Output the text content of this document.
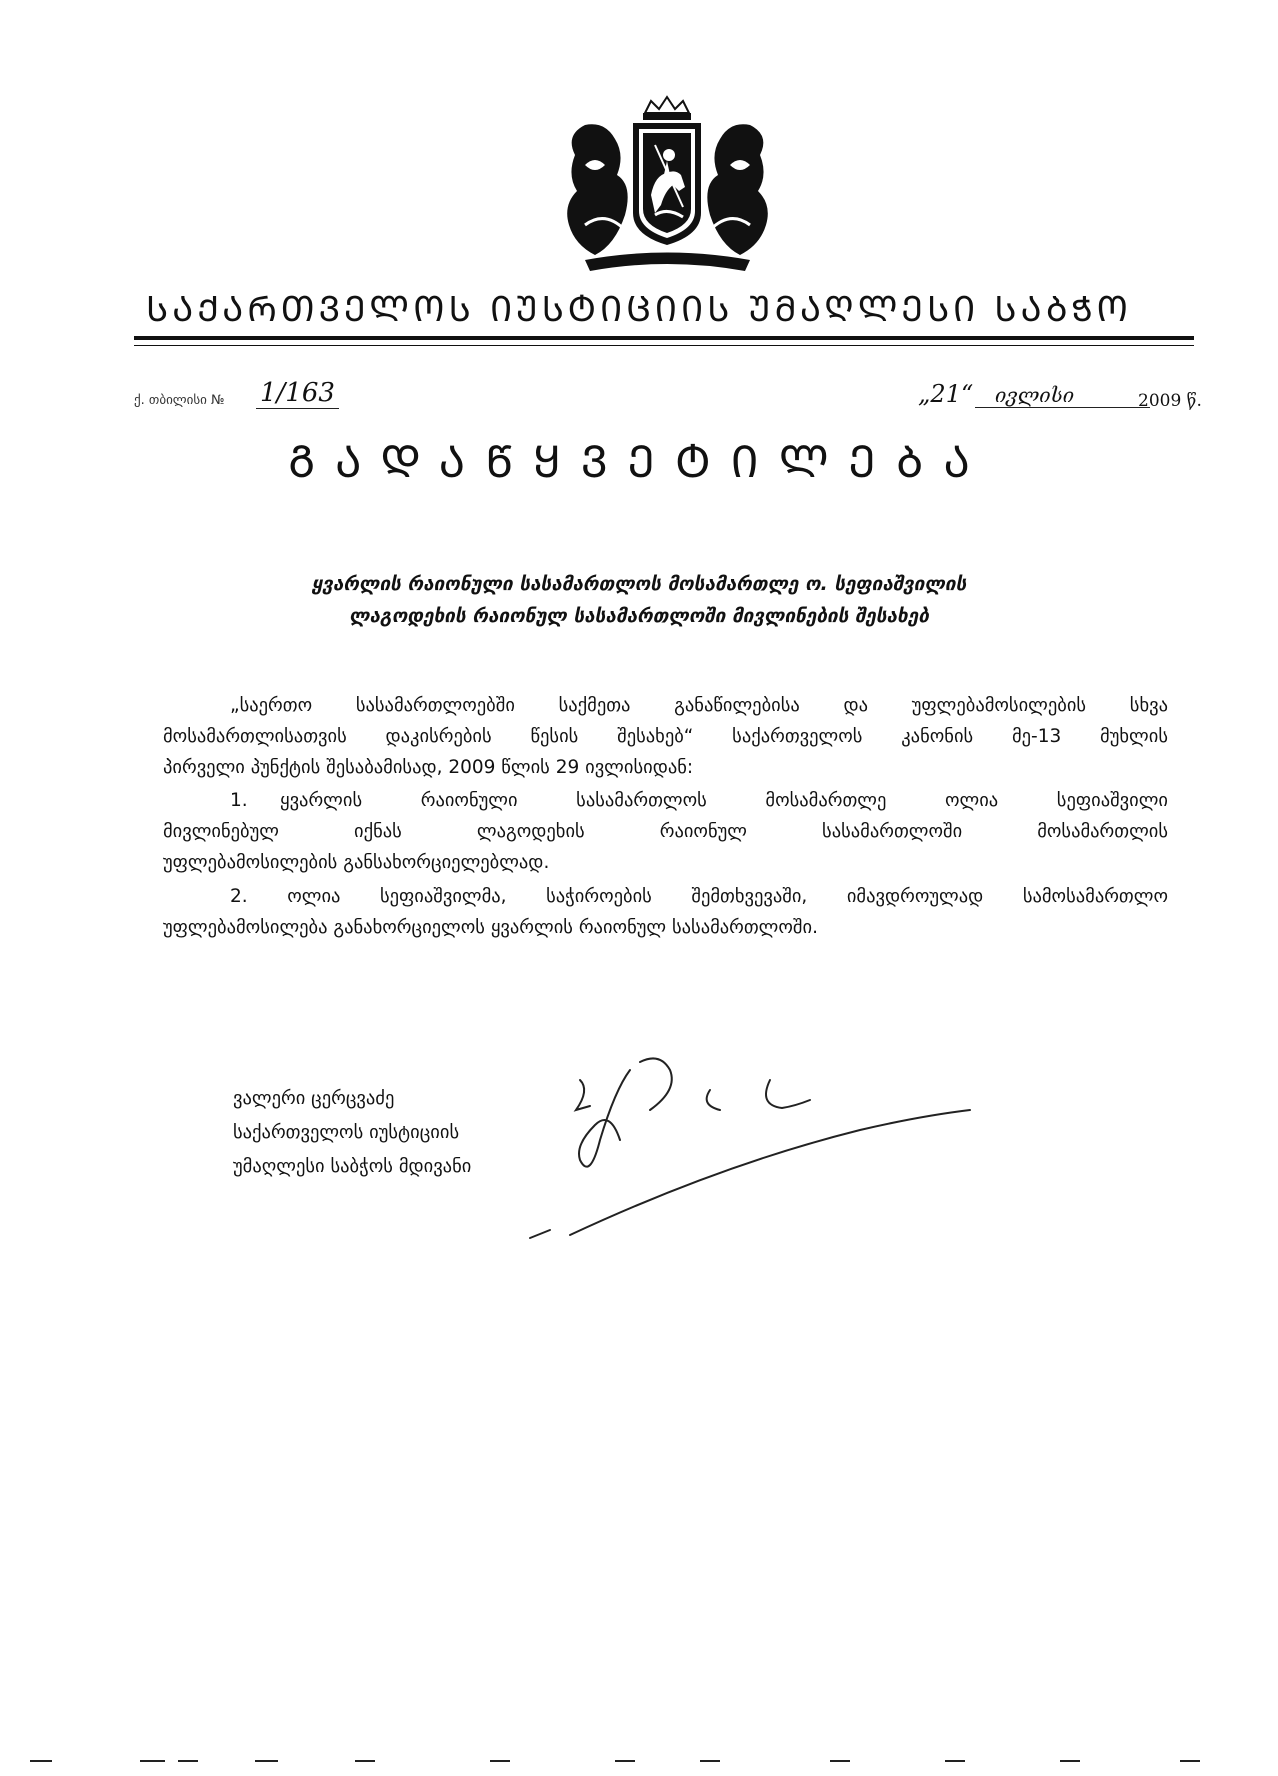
ᲡᲐᲥᲐᲠᲗᲕᲔᲚᲝᲡ ᲘᲣᲡᲢᲘᲪᲘᲘᲡ ᲣᲛᲐᲦᲚᲔᲡᲘ ᲡᲐᲑᲭᲝ
ქ. თბილისი № 1/163	„21“	ივლისი	2009 წ.
ᲒᲐᲓᲐᲬᲧᲕᲔᲢᲘᲚᲔᲑᲐ
ყვარლის რაიონული სასამართლოს მოსამართლე ო. სეფიაშვილის
ლაგოდეხის რაიონულ სასამართლოში მივლინების შესახებ
„საერთო სასამართლოებში საქმეთა განაწილებისა და უფლებამოსილების სხვა
მოსამართლისათვის დაკისრების წესის შესახებ“ საქართველოს კანონის მე-13 მუხლის
პირველი პუნქტის შესაბამისად, 2009 წლის 29 ივლისიდან:
1. ყვარლის რაიონული სასამართლოს მოსამართლე ოლია სეფიაშვილი
მივლინებულ იქნას ლაგოდეხის რაიონულ სასამართლოში მოსამართლის
უფლებამოსილების განსახორციელებლად.
2. ოლია სეფიაშვილმა, საჭიროების შემთხვევაში, იმავდროულად სამოსამართლო
უფლებამოსილება განახორციელოს ყვარლის რაიონულ სასამართლოში.
ვალერი ცერცვაძე
საქართველოს იუსტიციის
უმაღლესი საბჭოს მდივანი
